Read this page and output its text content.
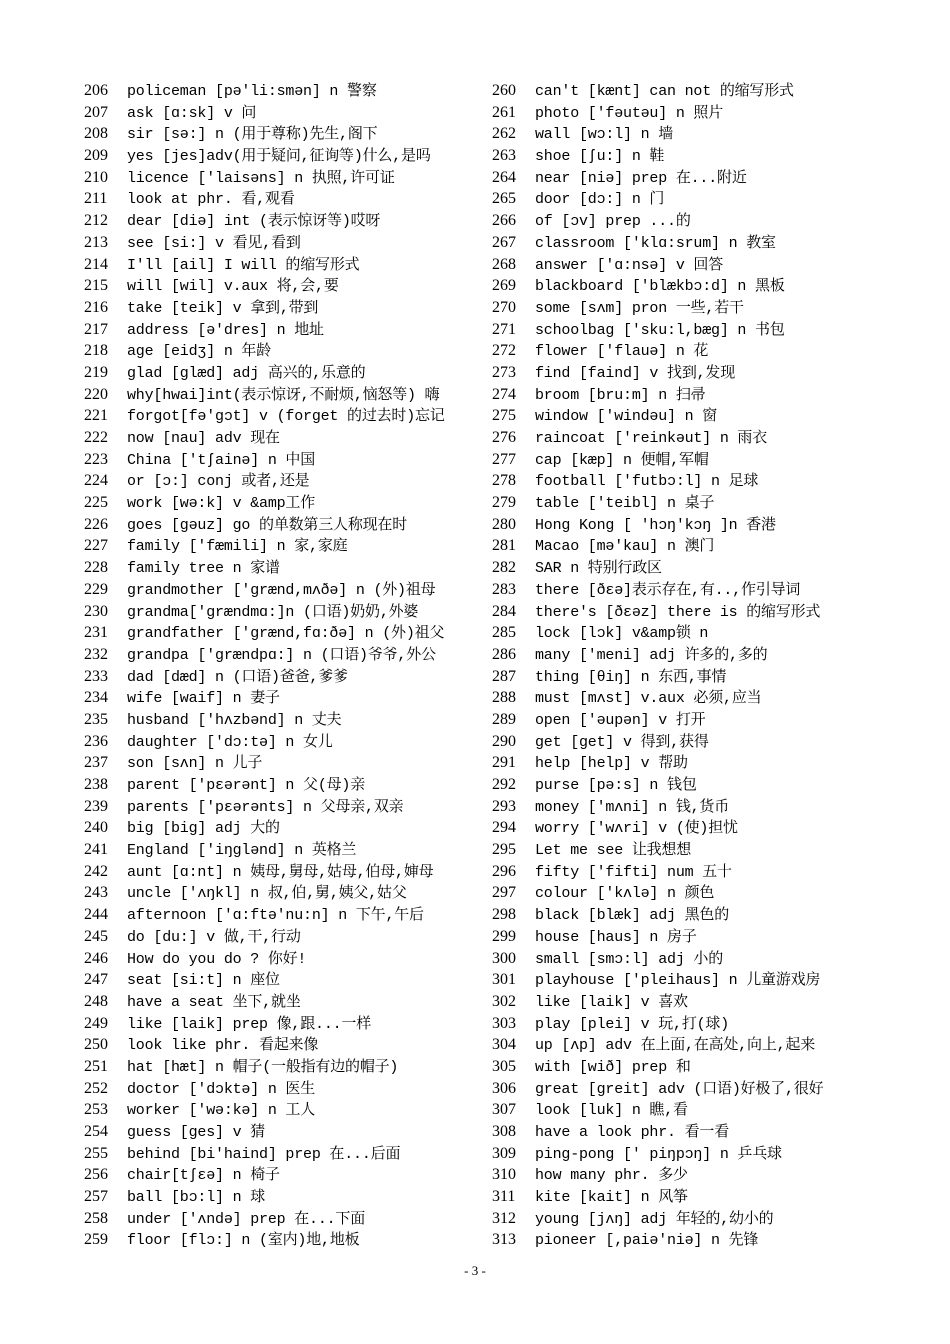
206 policeman [pə'li:smən] n 警察
207 ask [ɑ:sk] v 问
208 sir [sə:] n (用于尊称)先生,阁下
209 yes [jes]adv(用于疑问,征询等)什么,是吗
210 licence ['laisəns] n 执照,许可证
211 look at phr. 看,观看
212 dear [diə] int (表示惊讶等)哎呀
213 see [si:] v 看见,看到
214 I'll [ail] I will 的缩写形式
215 will [wil] v.aux 将,会,要
216 take [teik] v 拿到,带到
217 address [ə'dres] n 地址
218 age [eidʒ] n 年龄
219 glad [glæd] adj 高兴的,乐意的
220 why[hwai]int(表示惊讶,不耐烦,恼怒等) 嗨
221 forgot[fə'gɔt] v (forget 的过去时)忘记
222 now [nau] adv 现在
223 China ['tʃainə] n 中国
224 or [ɔ:] conj 或者,还是
225 work [wə:k] v &amp工作
226 goes [gəuz] go 的单数第三人称现在时
227 family ['fæmili] n 家,家庭
228 family tree n 家谱
229 grandmother ['grænd,mʌðə] n (外)祖母
230 grandma['grændmɑ:]n (口语)奶奶,外婆
231 grandfather ['grænd,fɑ:ðə] n (外)祖父
232 grandpa ['grændpɑ:] n (口语)爷爷,外公
233 dad [dæd] n (口语)爸爸,爹爹
234 wife [waif] n 妻子
235 husband ['hʌzbənd] n 丈夫
236 daughter ['dɔ:tə] n 女儿
237 son [sʌn] n 儿子
238 parent ['pεərənt] n 父(母)亲
239 parents ['pεərənts] n 父母亲,双亲
240 big [big] adj 大的
241 England ['iŋglənd] n 英格兰
242 aunt [ɑ:nt] n 姨母,舅母,姑母,伯母,婶母
243 uncle ['ʌŋkl] n 叔,伯,舅,姨父,姑父
244 afternoon ['ɑ:ftə'nu:n] n 下午,午后
245 do [du:] v 做,干,行动
246 How do you do ? 你好!
247 seat [si:t] n 座位
248 have a seat 坐下,就坐
249 like [laik] prep 像,跟...一样
250 look like phr. 看起来像
251 hat [hæt] n 帽子(一般指有边的帽子)
252 doctor ['dɔktə] n 医生
253 worker ['wə:kə] n 工人
254 guess [ges] v 猜
255 behind [bi'haind] prep 在...后面
256 chair[tʃεə] n 椅子
257 ball [bɔ:l] n 球
258 under ['ʌndə] prep 在...下面
259 floor [flɔ:] n (室内)地,地板
260 can't [kænt] can not 的缩写形式
261 photo ['fəutəu] n 照片
262 wall [wɔ:l] n 墙
263 shoe [ʃu:] n 鞋
264 near [niə] prep 在...附近
265 door [dɔ:] n 门
266 of [ɔv] prep ...的
267 classroom ['klɑ:srum] n 教室
268 answer ['ɑ:nsə] v 回答
269 blackboard ['blækbɔ:d] n 黑板
270 some [sʌm] pron 一些,若干
271 schoolbag ['sku:l,bæg] n 书包
272 flower ['flauə] n 花
273 find [faind] v 找到,发现
274 broom [bru:m] n 扫帚
275 window ['windəu] n 窗
276 raincoat ['reinkəut] n 雨衣
277 cap [kæp] n 便帽,军帽
278 football ['futbɔ:l] n 足球
279 table ['teibl] n 桌子
280 Hong Kong [ 'hɔŋ'kɔŋ ]n 香港
281 Macao [mə'kau] n 澳门
282 SAR n 特别行政区
283 there [ðεə]表示存在,有..,作引导词
284 there's [ðεəz] there is 的缩写形式
285 lock [lɔk] v&amp锁 n
286 many ['meni] adj 许多的,多的
287 thing [θiŋ] n 东西,事情
288 must [mʌst] v.aux 必须,应当
289 open ['əupən] v 打开
290 get [get] v 得到,获得
291 help [help] v 帮助
292 purse [pə:s] n 钱包
293 money ['mʌni] n 钱,货币
294 worry ['wʌri] v (使)担忧
295 Let me see 让我想想
296 fifty ['fifti] num 五十
297 colour ['kʌlə] n 颜色
298 black [blæk] adj 黑色的
299 house [haus] n 房子
300 small [smɔ:l] adj 小的
301 playhouse ['pleihaus] n 儿童游戏房
302 like [laik] v 喜欢
303 play [plei] v 玩,打(球)
304 up [ʌp] adv 在上面,在高处,向上,起来
305 with [wið] prep 和
306 great [greit] adv (口语)好极了,很好
307 look [luk] n 瞧,看
308 have a look phr. 看一看
309 ping-pong [' piŋpɔŋ] n 乒乓球
310 how many phr. 多少
311 kite [kait] n 风筝
312 young [jʌŋ] adj 年轻的,幼小的
313 pioneer [,paiə'niə] n 先锋
- 3 -
